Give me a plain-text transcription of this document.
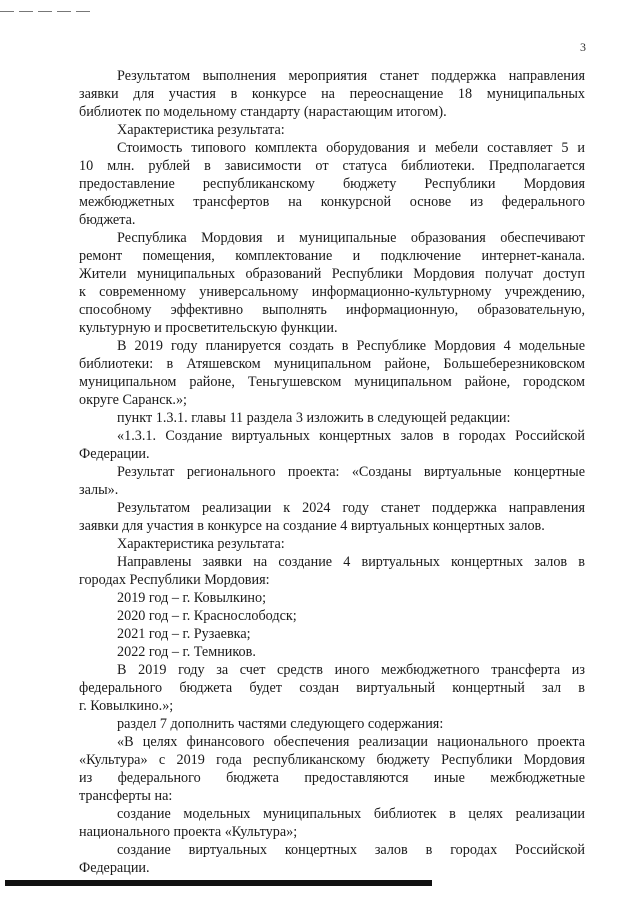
3

Результатом выполнения мероприятия станет поддержка направления

заявки для участия в конкурсе на переоснащение 18 муниципальных

библиотек по модельному стандарту (нарастающим итогом).

Характеристика результата:

Стоимость типового комплекта оборудования и мебели составляет 5 и

10 млн. рублей в зависимости от статуса библиотеки. Предполагается

предоставление республиканскому бюджету Республики Мордовия

межбюджетных трансфертов на конкурсной основе из федерального

бюджета.

Республика Мордовия и муниципальные образования обеспечивают

ремонт помещения, комплектование и подключение интернет-канала.

Жители муниципальных образований Республики Мордовия получат доступ

к современному универсальному информационно-культурному учреждению,

способному эффективно выполнять информационную, образовательную,

культурную и просветительскую функции.

В 2019 году планируется создать в Республике Мордовия 4 модельные

библиотеки: в Атяшевском муниципальном районе, Большеберезниковском

муниципальном районе, Теньгушевском муниципальном районе, городском

округе Саранск.»;

пункт 1.3.1. главы 11 раздела 3 изложить в следующей редакции:

«1.3.1. Создание виртуальных концертных залов в городах Российской

Федерации.

Результат регионального проекта: «Созданы виртуальные концертные

залы».

Результатом реализации к 2024 году станет поддержка направления

заявки для участия в конкурсе на создание 4 виртуальных концертных залов.

Характеристика результата:

Направлены заявки на создание 4 виртуальных концертных залов в

городах Республики Мордовия:

2019 год – г. Ковылкино;

2020 год – г. Краснослободск;

2021 год – г. Рузаевка;

2022 год – г. Темников.

В 2019 году за счет средств иного межбюджетного трансферта из

федерального бюджета будет создан виртуальный концертный зал в

г. Ковылкино.»;

раздел 7 дополнить частями следующего содержания:

«В целях финансового обеспечения реализации национального проекта

«Культура» с 2019 года республиканскому бюджету Республики Мордовия

из федерального бюджета предоставляются иные межбюджетные

трансферты на:

создание модельных муниципальных библиотек в целях реализации

национального проекта «Культура»;

создание виртуальных концертных залов в городах Российской

Федерации.
